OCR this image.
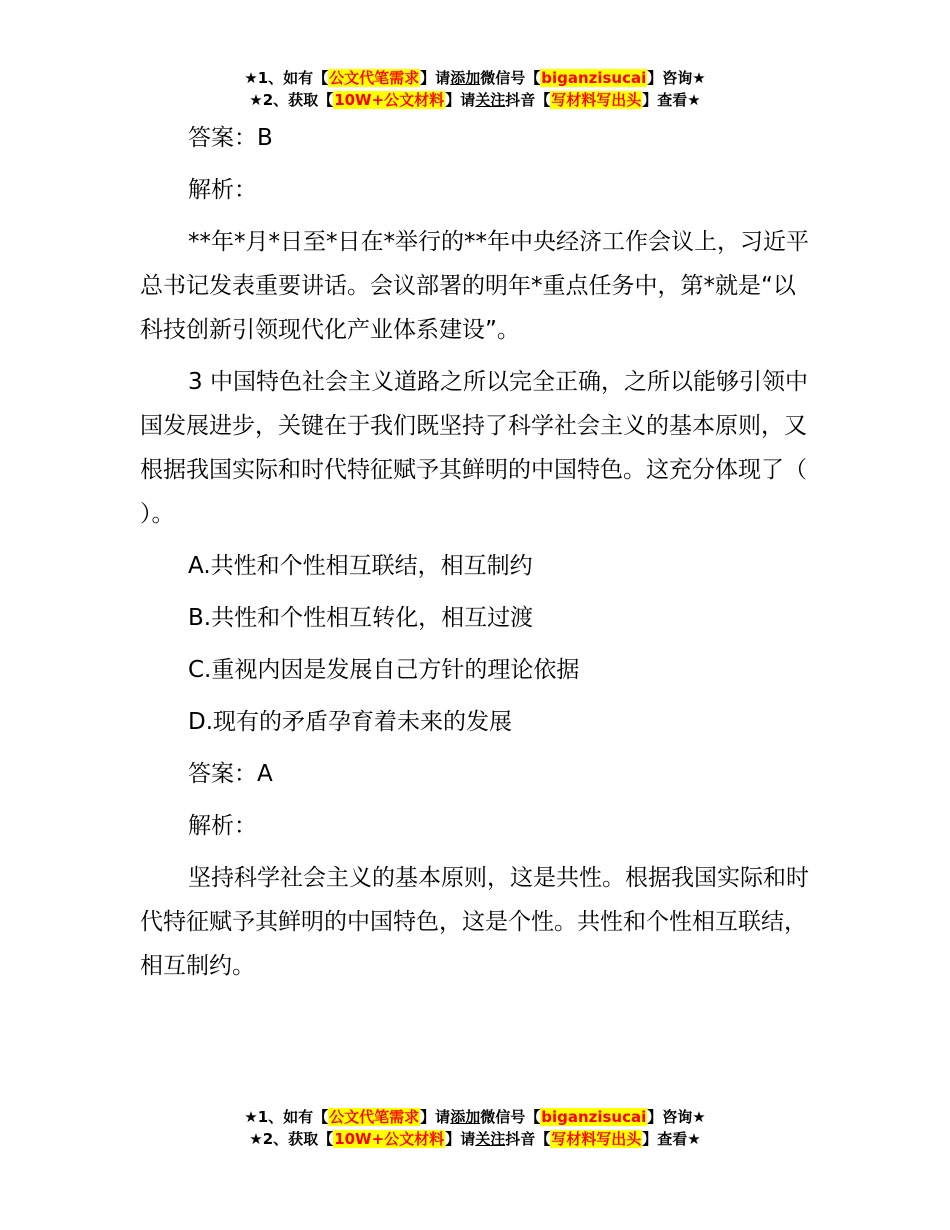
★1、如有【公文代笔需求】请添加微信号【biganzisucai】咨询★
★2、获取【10W+公文材料】请关注抖音【写材料写出头】查看★

答案：B

解析：

**年*月*日至*日在*举行的**年中央经济工作会议上，习近平总书记发表重要讲话。会议部署的明年*重点任务中，第*就是“以科技创新引领现代化产业体系建设”。

3 中国特色社会主义道路之所以完全正确，之所以能够引领中国发展进步，关键在于我们既坚持了科学社会主义的基本原则，又根据我国实际和时代特征赋予其鲜明的中国特色。这充分体现了（ ）。

A.共性和个性相互联结，相互制约

B.共性和个性相互转化，相互过渡

C.重视内因是发展自己方针的理论依据

D.现有的矛盾孕育着未来的发展

答案：A

解析：

坚持科学社会主义的基本原则，这是共性。根据我国实际和时代特征赋予其鲜明的中国特色，这是个性。共性和个性相互联结，相互制约。

★1、如有【公文代笔需求】请添加微信号【biganzisucai】咨询★
★2、获取【10W+公文材料】请关注抖音【写材料写出头】查看★
